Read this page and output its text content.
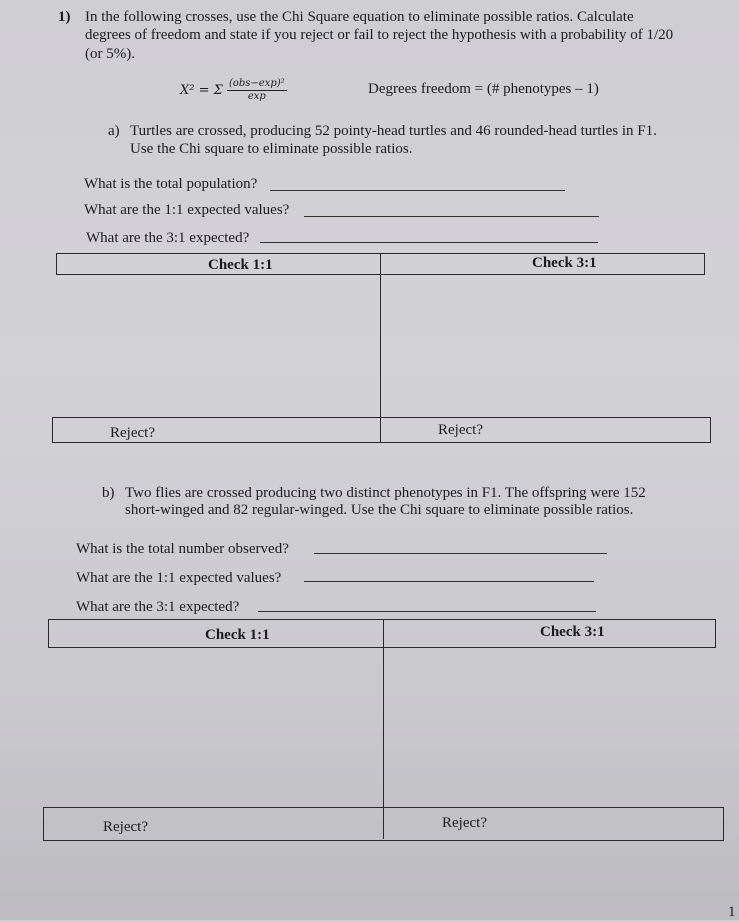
1) In the following crosses, use the Chi Square equation to eliminate possible ratios. Calculate
degrees of freedom and state if you reject or fail to reject the hypothesis with a probability of 1/20
(or 5%).
X² = Σ $\frac{\text{(obs−exp)²}}{\exp}$	Degrees freedom = (# phenotypes – 1)
a) Turtles are crossed, producing 52 pointy-head turtles and 46 rounded-head turtles in F1.
Use the Chi square to eliminate possible ratios.
What is the total population?
What are the 1:1 expected values?
What are the 3:1 expected?
Check 1:1	Check 3:1
Reject?	Reject?
b) Two flies are crossed producing two distinct phenotypes in F1. The offspring were 152
short-winged and 82 regular-winged. Use the Chi square to eliminate possible ratios.
What is the total number observed?
What are the 1:1 expected values?
What are the 3:1 expected?
Check 1:1	Check 3:1
Reject?	Reject?
1
